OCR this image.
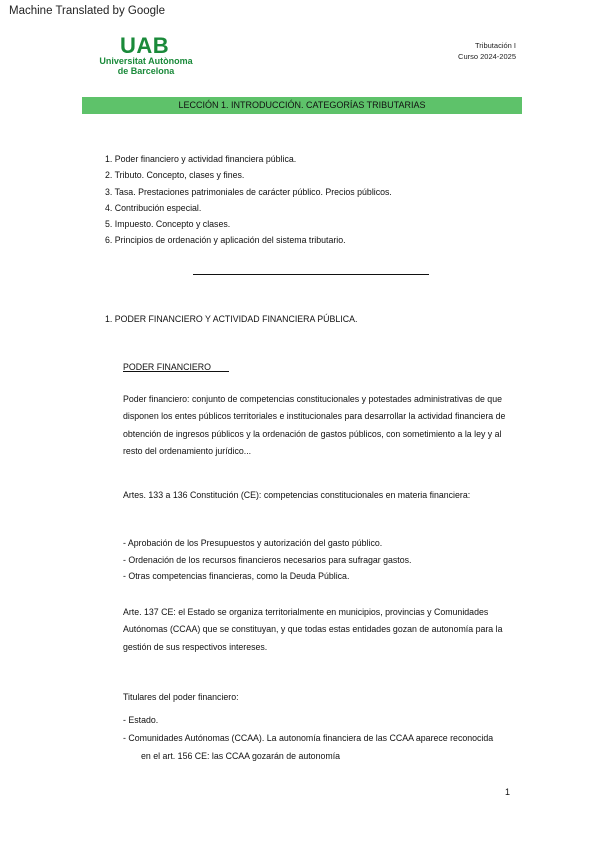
Machine Translated by Google
UAB
Universitat Autònoma
de Barcelona
Tributación I
Curso 2024-2025
LECCIÓN 1. INTRODUCCIÓN. CATEGORÍAS TRIBUTARIAS
1. Poder financiero y actividad financiera pública.
2. Tributo. Concepto, clases y fines.
3. Tasa. Prestaciones patrimoniales de carácter público. Precios públicos.
4. Contribución especial.
5. Impuesto. Concepto y clases.
6. Principios de ordenación y aplicación del sistema tributario.
1. PODER FINANCIERO Y ACTIVIDAD FINANCIERA PÚBLICA.
PODER FINANCIERO

Poder financiero: conjunto de competencias constitucionales y potestades administrativas de que disponen los entes públicos territoriales e institucionales para desarrollar la actividad financiera de obtención de ingresos públicos y la ordenación de gastos públicos, con sometimiento a la ley y al resto del ordenamiento jurídico...

Artes. 133 a 136 Constitución (CE): competencias constitucionales en materia financiera:

- Aprobación de los Presupuestos y autorización del gasto público.
- Ordenación de los recursos financieros necesarios para sufragar gastos.
- Otras competencias financieras, como la Deuda Pública.

Arte. 137 CE: el Estado se organiza territorialmente en municipios, provincias y Comunidades Autónomas (CCAA) que se constituyan, y que todas estas entidades gozan de autonomía para la gestión de sus respectivos intereses.

Titulares del poder financiero:

- Estado.
- Comunidades Autónomas (CCAA). La autonomía financiera de las CCAA aparece reconocida
en el art. 156 CE: las CCAA gozarán de autonomía
1
